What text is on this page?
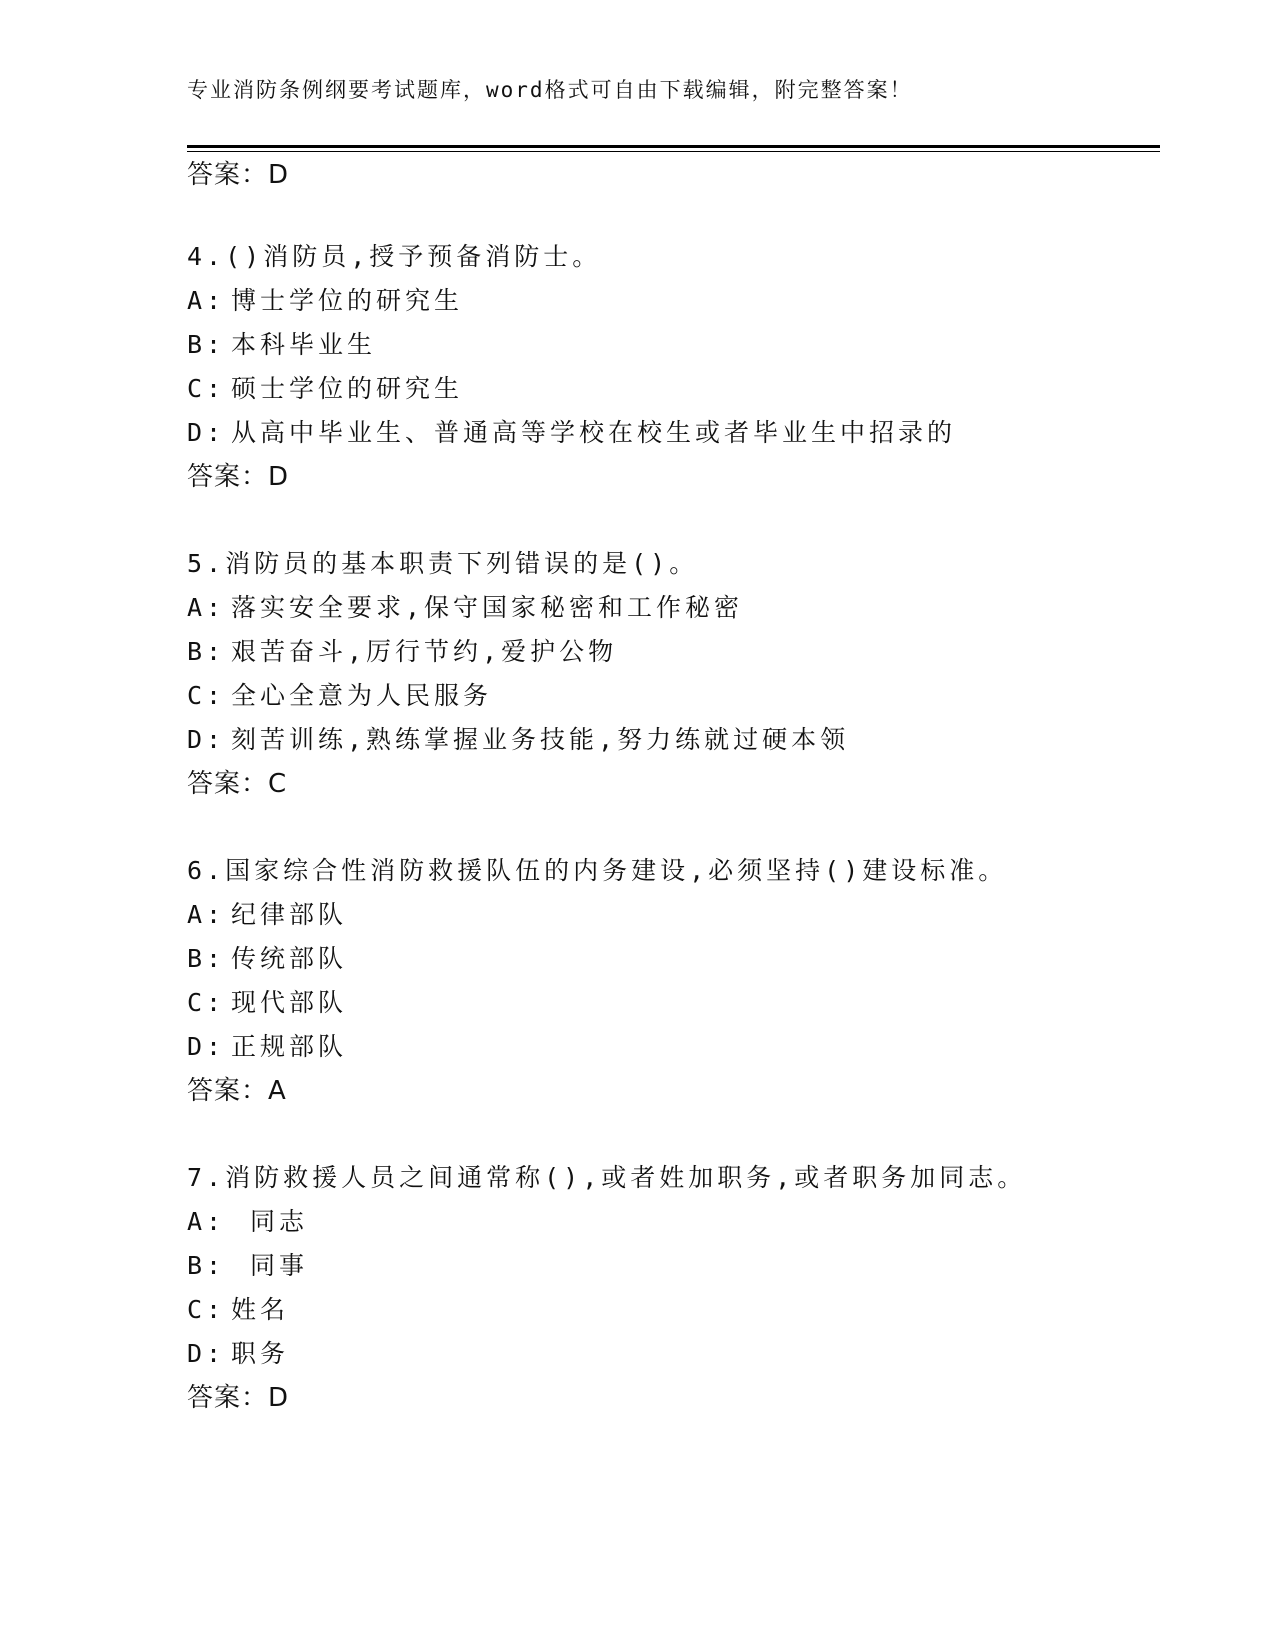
专业消防条例纲要考试题库，word格式可自由下载编辑，附完整答案！
答案：D
4.()消防员,授予预备消防士。
A: 博士学位的研究生
B: 本科毕业生
C: 硕士学位的研究生
D: 从高中毕业生、普通高等学校在校生或者毕业生中招录的
答案：D
5.消防员的基本职责下列错误的是()。
A: 落实安全要求,保守国家秘密和工作秘密
B: 艰苦奋斗,厉行节约,爱护公物
C: 全心全意为人民服务
D: 刻苦训练,熟练掌握业务技能,努力练就过硬本领
答案：C
6.国家综合性消防救援队伍的内务建设,必须坚持()建设标准。
A: 纪律部队
B: 传统部队
C: 现代部队
D: 正规部队
答案：A
7.消防救援人员之间通常称(),或者姓加职务,或者职务加同志。
A: 同志
B: 同事
C: 姓名
D: 职务
答案：D
